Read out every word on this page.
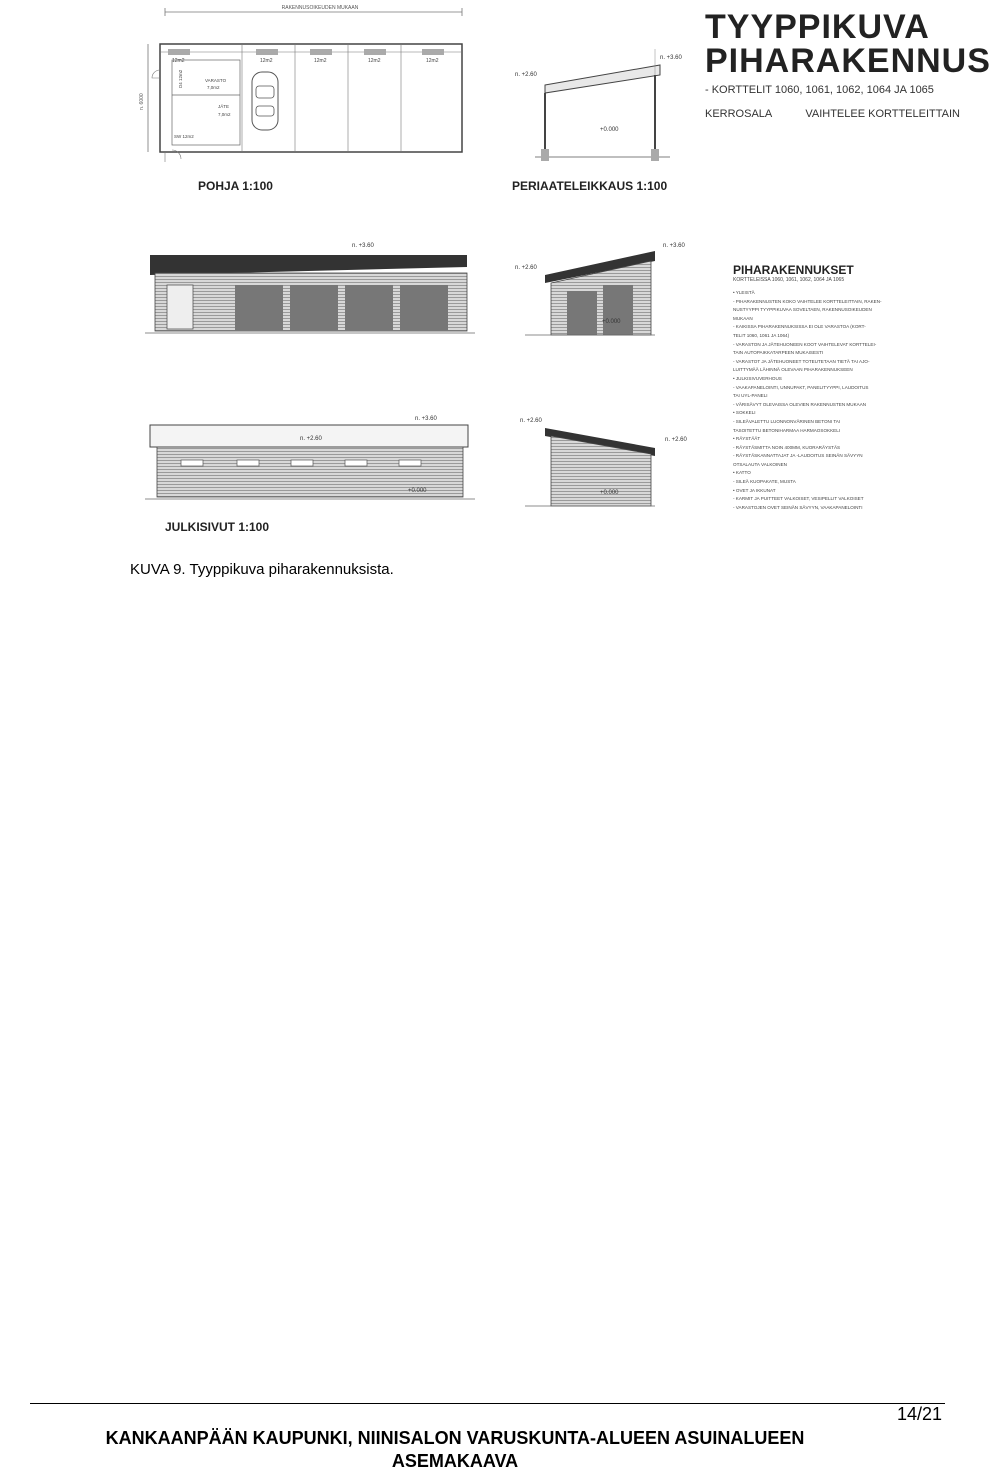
RAKENNUSOIKEUDEN MUKAAN
n. 6000
12m2	12m2	12m2	12m2	12m2
VARASTO
7,0m2
JÄTE
7,0m2
SW 12m2
D4 12m2
POHJA 1:100
n. +3.60
n. +2.60
+0.000
PERIAATELEIKKAUS 1:100
TYYPPIKUVA
PIHARAKENNUS
- KORTTELIT 1060, 1061, 1062, 1064 JA 1065
KERROSALA	VAIHTELEE KORTTELEITTAIN
n. +3.60	n. +3.60
n. +2.60
+0.000
n. +3.60
n. +2.60
+0.000
n. +2.60
n. +2.60
+0.000
JULKISIVUT 1:100
PIHARAKENNUKSET
KORTTELEISSA 1060, 1061, 1062, 1064 JA 1065
• YLEISTÄ
- PIHARAKENNUSTEN KOKO VAIHTELEE KORTTELEITTAIN, RAKEN-
NUSTYYPPI TYYPPIKUVAA SOVELTAEN, RAKENNUSOIKEUDEN
MUKAAN
- KAIKISSA PIHARAKENNUKSISSA EI OLE VARASTOA (KORT-
TELIT 1060, 1061 JA 1064)
- VARASTON JA JÄTEHUONEEN KOOT VAIHTELEVAT KORTTELEI-
TAIN AUTOPAIKKATARPEEN MUKAISESTI
- VARASTOT JA JÄTEHUONEET TOTEUTETAAN TIETÄ TAI AJO-
LUITTYMÄÄ LÄHINNÄ OLEVAAN PIHARAKENNUKSEEN
• JULKISIVUVERHOUS
- VAAKAPANELOINTI, UNNUPAKT, PANELITYYPPI, LAUDOITUS
TAI UYL-PANELI
- VÄRISÄVYT OLEVAISSA OLEVIEN RAKENNUSTEN MUKAAN
• SOKKELI
- SILEÄVALETTU LUONNONVÄRINEN BETONI TAI
TASOITETTU BETONIHARMAA HARMAOSOKKELI
• RÄYSTÄÄT
- RÄYSTÄSMITTA NOIN 400MM, KUORARÄYSTÄS
- RÄYSTÄSKANNATTAJAT JA -LAUDOITUS SEINÄN SÄVYYN
OTSALAUTA VALKOINEN
• KATTO
- SILEÄ KUOPAKATE, MUSTA
• OVET JA IKKUNAT
- KARMIT JA PUITTEET VALKOISET, VESIPELLIT VALKOISET
- VARASTOJEN OVET SEINÄN SÄVYYN, VAAKAPANELOINTI
KUVA 9. Tyyppikuva piharakennuksista.
14/21
KANKAANPÄÄN KAUPUNKI, NIINISALON VARUSKUNTA-ALUEEN ASUINALUEEN
ASEMAKAAVA
